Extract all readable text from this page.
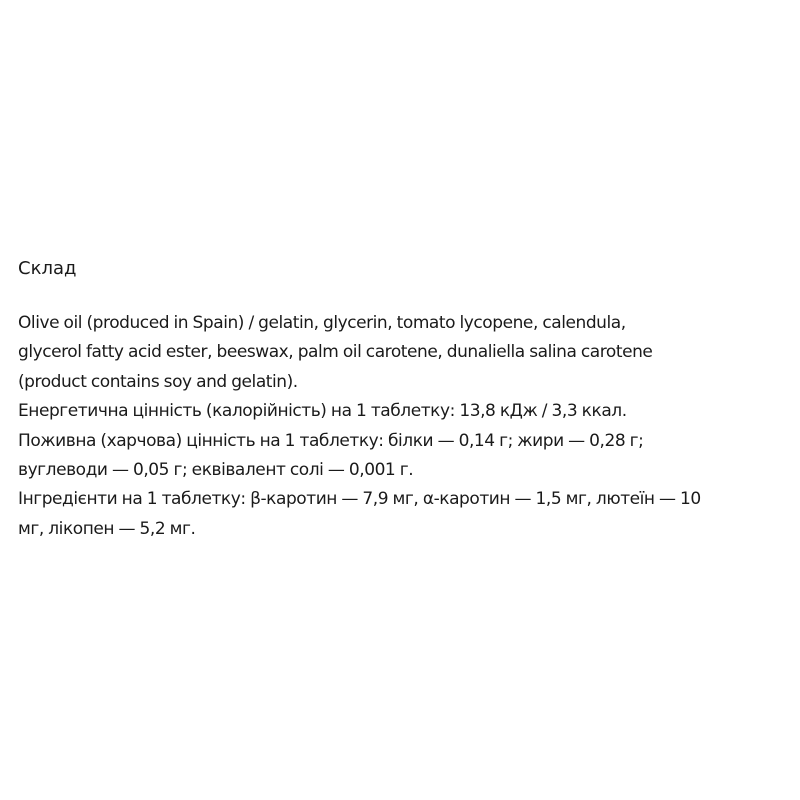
Склад
Olive oil (produced in Spain) / gelatin, glycerin, tomato lycopene, calendula,
glycerol fatty acid ester, beeswax, palm oil carotene, dunaliella salina carotene
(product contains soy and gelatin).
Енергетична цінність (калорійність) на 1 таблетку: 13,8 кДж / 3,3 ккал.
Поживна (харчова) цінність на 1 таблетку: білки — 0,14 г; жири — 0,28 г;
вуглеводи — 0,05 г; еквівалент солі — 0,001 г.
Інгредієнти на 1 таблетку: β-каротин — 7,9 мг, α-каротин — 1,5 мг, лютеїн — 10
мг, лікопен — 5,2 мг.
